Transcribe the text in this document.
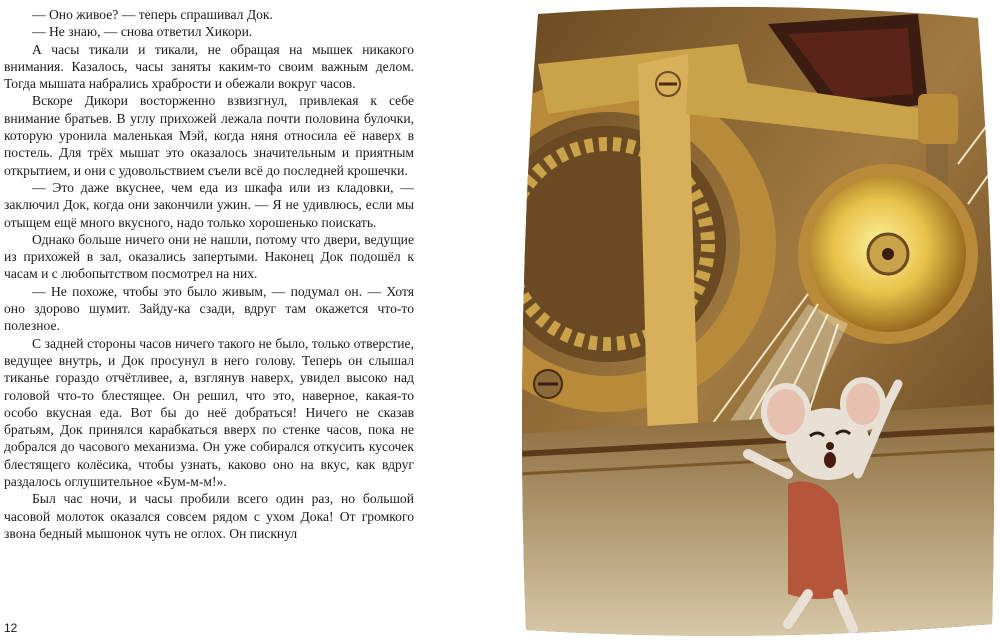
— Оно живое? — теперь спрашивал Док.

— Не знаю, — снова ответил Хикори.

А часы тикали и тикали, не обращая на мышек никакого внимания. Казалось, часы заняты каким-то своим важным делом. Тогда мышата набрались храбрости и обежали вокруг часов.

Вскоре Дикори восторженно взвизгнул, привлекая к себе внимание братьев. В углу прихожей лежала почти половина булочки, которую уронила маленькая Мэй, когда няня относила её наверх в постель. Для трёх мышат это оказалось значительным и приятным открытием, и они с удовольствием съели всё до последней крошечки.

— Это даже вкуснее, чем еда из шкафа или из кладовки, — заключил Док, когда они закончили ужин. — Я не удивлюсь, если мы отыщем ещё много вкусного, надо только хорошенько поискать.

Однако больше ничего они не нашли, потому что двери, ведущие из прихожей в зал, оказались запертыми. Наконец Док подошёл к часам и с любопытством посмотрел на них.

— Не похоже, чтобы это было живым, — подумал он. — Хотя оно здорово шумит. Зайду-ка сзади, вдруг там окажется что-то полезное.

С задней стороны часов ничего такого не было, только отверстие, ведущее внутрь, и Док просунул в него голову. Теперь он слышал тиканье гораздо отчётливее, а, взглянув наверх, увидел высоко над головой что-то блестящее. Он решил, что это, наверное, какая-то особо вкусная еда. Вот бы до неё добраться! Ничего не сказав братьям, Док принялся карабкаться вверх по стенке часов, пока не добрался до часового механизма. Он уже собирался откусить кусочек блестящего колёсика, чтобы узнать, каково оно на вкус, как вдруг раздалось оглушительное «Бум-м-м!».

Был час ночи, и часы пробили всего один раз, но большой часовой молоток оказался совсем рядом с ухом Дока! От громкого звона бедный мышонок чуть не оглох. Он пискнул

12
